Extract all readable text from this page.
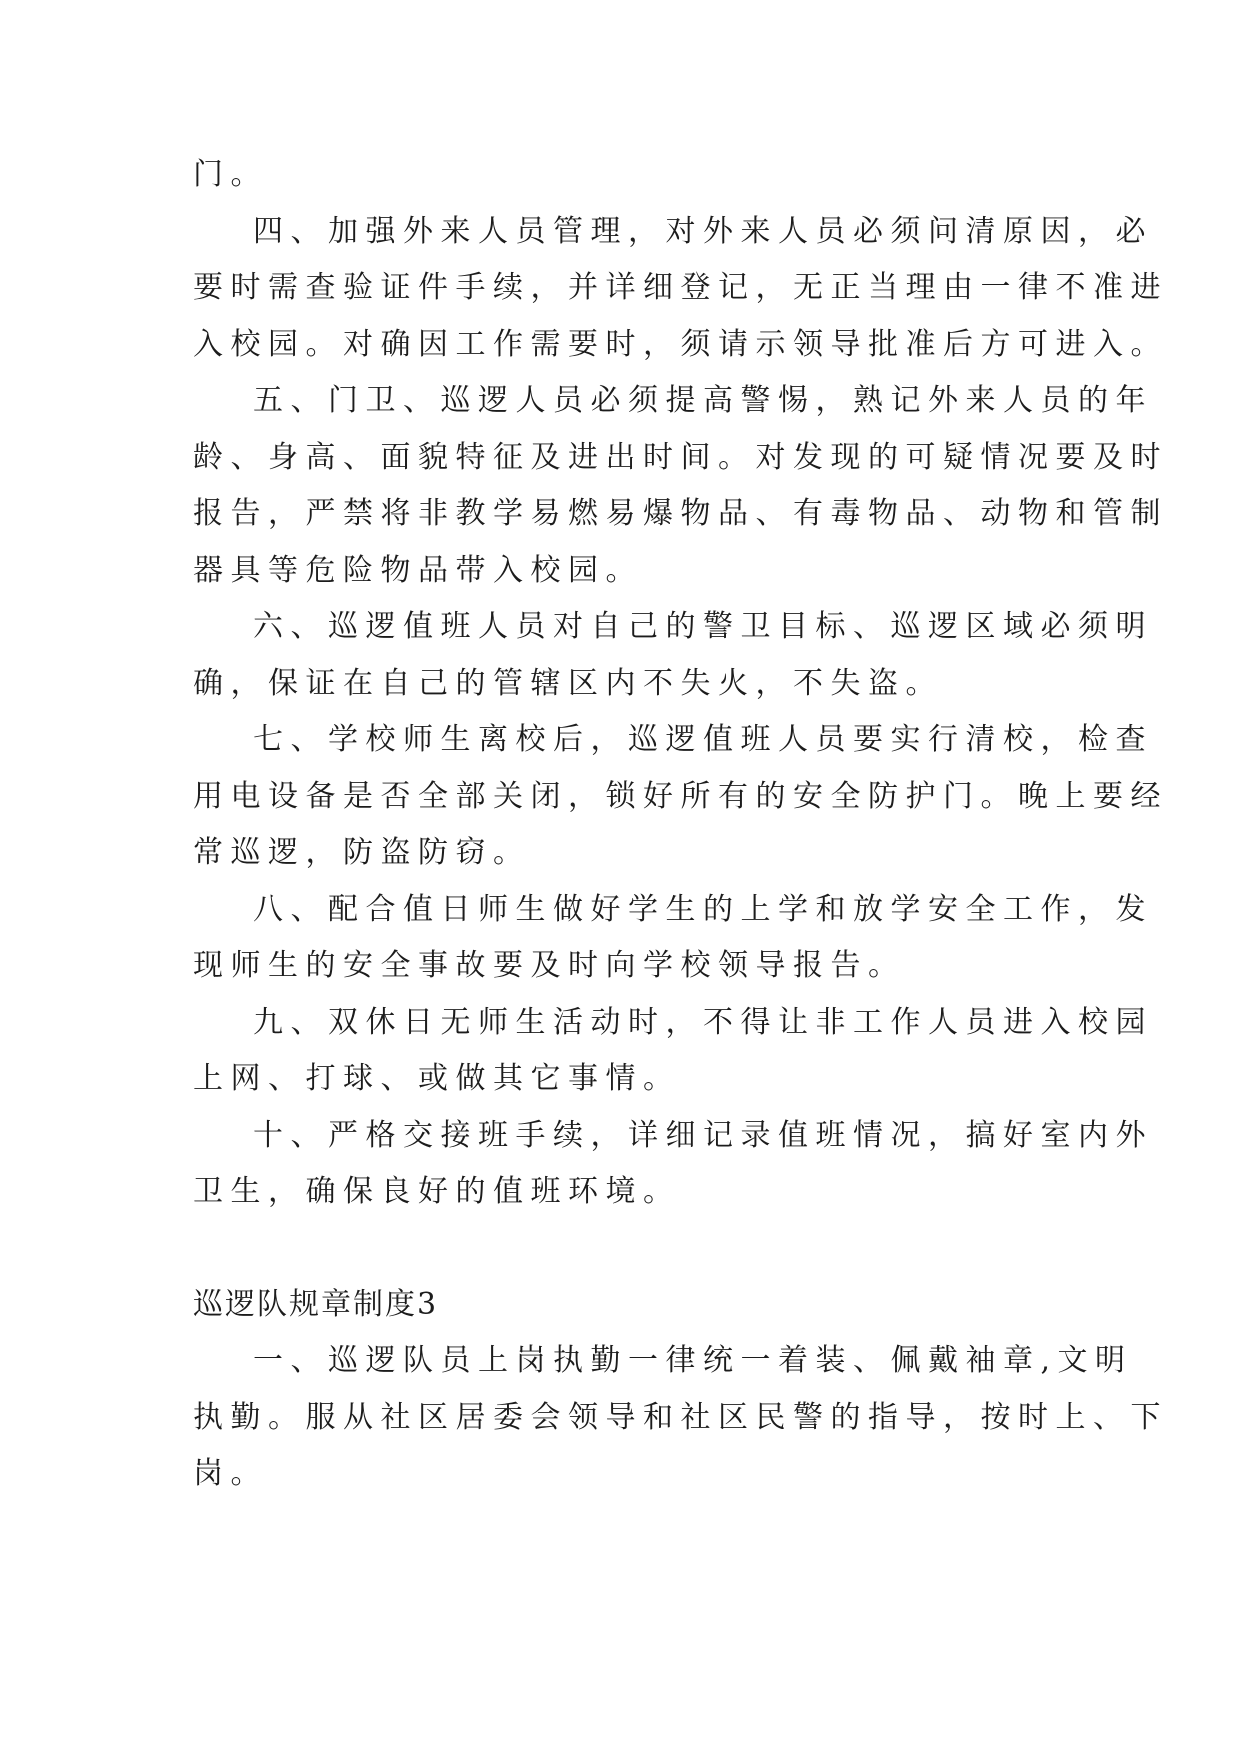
门。
四、加强外来人员管理，对外来人员必须问清原因，必
要时需查验证件手续，并详细登记，无正当理由一律不准进
入校园。对确因工作需要时，须请示领导批准后方可进入。
五、门卫、巡逻人员必须提高警惕，熟记外来人员的年
龄、身高、面貌特征及进出时间。对发现的可疑情况要及时
报告，严禁将非教学易燃易爆物品、有毒物品、动物和管制
器具等危险物品带入校园。
六、巡逻值班人员对自己的警卫目标、巡逻区域必须明
确，保证在自己的管辖区内不失火，不失盗。
七、学校师生离校后，巡逻值班人员要实行清校，检查
用电设备是否全部关闭，锁好所有的安全防护门。晚上要经
常巡逻，防盗防窃。
八、配合值日师生做好学生的上学和放学安全工作，发
现师生的安全事故要及时向学校领导报告。
九、双休日无师生活动时，不得让非工作人员进入校园
上网、打球、或做其它事情。
十、严格交接班手续，详细记录值班情况，搞好室内外
卫生，确保良好的值班环境。
巡逻队规章制度3
一、巡逻队员上岗执勤一律统一着装、佩戴袖章,文明
执勤。服从社区居委会领导和社区民警的指导，按时上、下
岗。
